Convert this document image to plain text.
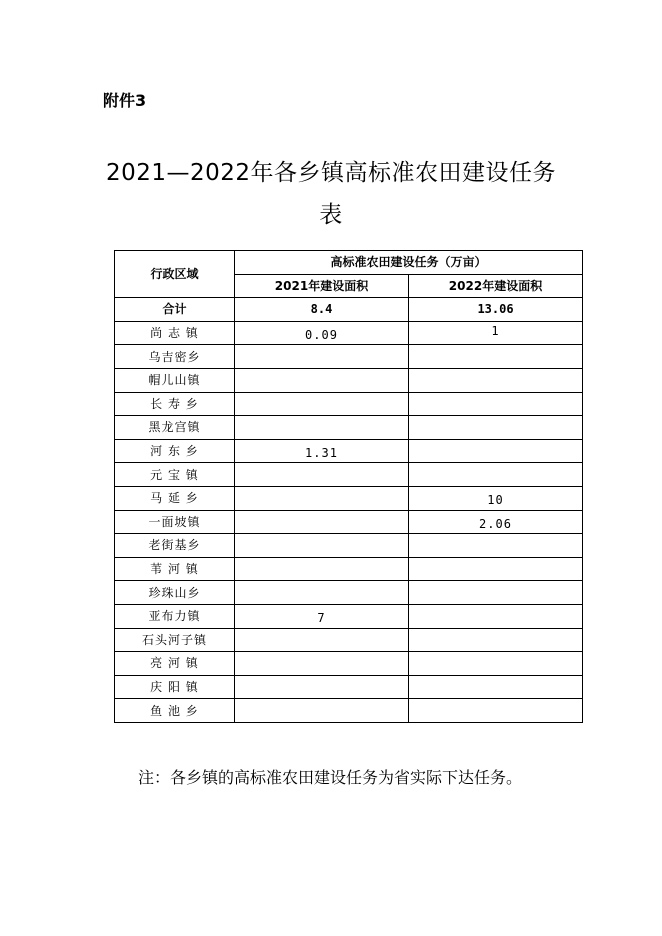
附件3
2021—2022年各乡镇高标准农田建设任务
表
行政区域	高标准农田建设任务（万亩）	
	2021年建设面积	2022年建设面积
合计	8.4	13.06
尚 志 镇	0.09	1
乌吉密乡		
帽儿山镇		
长 寿 乡		
黑龙宫镇		
河 东 乡	1.31	
元 宝 镇		
马 延 乡		10
一面坡镇		2.06
老街基乡		
苇 河 镇		
珍珠山乡		
亚布力镇	7	
石头河子镇		
亮 河 镇		
庆 阳 镇		
鱼 池 乡		
注：各乡镇的高标准农田建设任务为省实际下达任务。
